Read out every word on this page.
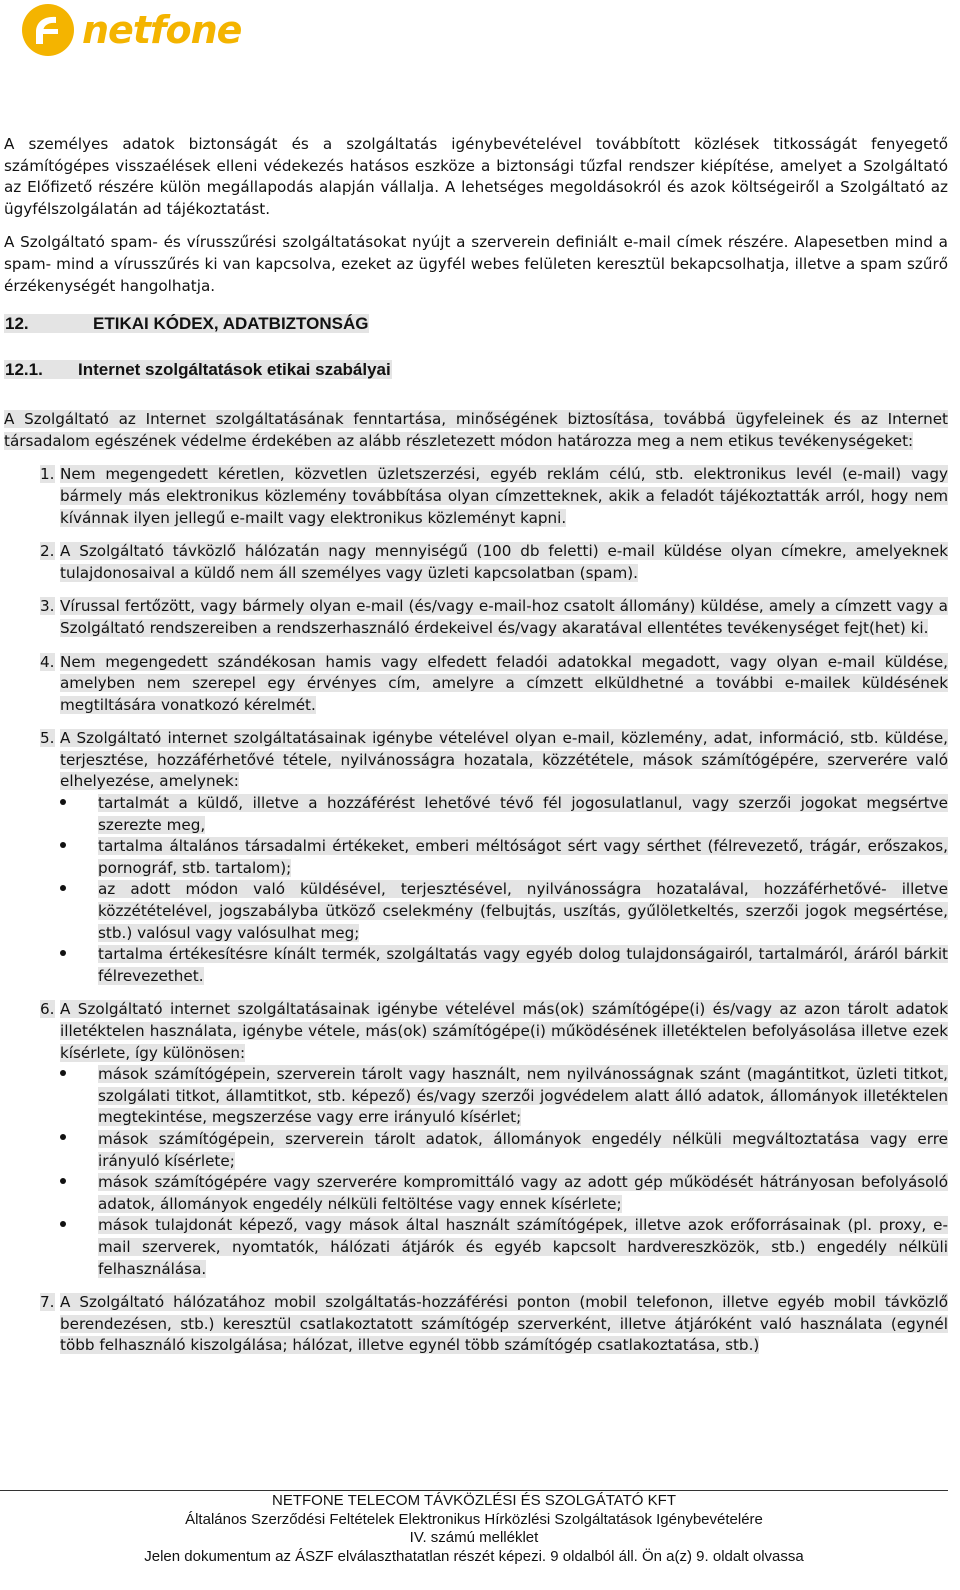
netfone

A személyes adatok biztonságát és a szolgáltatás igénybevételével továbbított közlések titkosságát fenyegető számítógépes visszaélések elleni védekezés hatásos eszköze a biztonsági tűzfal rendszer kiépítése, amelyet a Szolgáltató az Előfizető részére külön megállapodás alapján vállalja. A lehetséges megoldásokról és azok költségeiről a Szolgáltató az ügyfélszolgálatán ad tájékoztatást.

A Szolgáltató spam- és vírusszűrési szolgáltatásokat nyújt a szerverein definiált e-mail címek részére. Alapesetben mind a spam- mind a vírusszűrés ki van kapcsolva, ezeket az ügyfél webes felületen keresztül bekapcsolhatja, illetve a spam szűrő érzékenységét hangolhatja.

12.	ETIKAI KÓDEX, ADATBIZTONSÁG
12.1. Internet szolgáltatások etikai szabályai

A Szolgáltató az Internet szolgáltatásának fenntartása, minőségének biztosítása, továbbá ügyfeleinek és az Internet társadalom egészének védelme érdekében az alább részletezett módon határozza meg a nem etikus tevékenységeket:

1. Nem megengedett kéretlen, közvetlen üzletszerzési, egyéb reklám célú, stb. elektronikus levél (e-mail) vagy bármely más elektronikus közlemény továbbítása olyan címzetteknek, akik a feladót tájékoztatták arról, hogy nem kívánnak ilyen jellegű e-mailt vagy elektronikus közleményt kapni.
2. A Szolgáltató távközlő hálózatán nagy mennyiségű (100 db feletti) e-mail küldése olyan címekre, amelyeknek tulajdonosaival a küldő nem áll személyes vagy üzleti kapcsolatban (spam).
3. Vírussal fertőzött, vagy bármely olyan e-mail (és/vagy e-mail-hoz csatolt állomány) küldése, amely a címzett vagy a Szolgáltató rendszereiben a rendszerhasználó érdekeivel és/vagy akaratával ellentétes tevékenységet fejt(het) ki.
4. Nem megengedett szándékosan hamis vagy elfedett feladói adatokkal megadott, vagy olyan e-mail küldése, amelyben nem szerepel egy érvényes cím, amelyre a címzett elküldhetné a további e-mailek küldésének megtiltására vonatkozó kérelmét.
5. A Szolgáltató internet szolgáltatásainak igénybe vételével olyan e-mail, közlemény, adat, információ, stb. küldése, terjesztése, hozzáférhetővé tétele, nyilvánosságra hozatala, közzététele, mások számítógépére, szerverére való elhelyezése, amelynek:
tartalmát a küldő, illetve a hozzáférést lehetővé tévő fél jogosulatlanul, vagy szerzői jogokat megsértve szerezte meg,
tartalma általános társadalmi értékeket, emberi méltóságot sért vagy sérthet (félrevezető, trágár, erőszakos, pornográf, stb. tartalom);
az adott módon való küldésével, terjesztésével, nyilvánosságra hozatalával, hozzáférhetővé- illetve közzétételével, jogszabályba ütköző cselekmény (felbujtás, uszítás, gyűlöletkeltés, szerzői jogok megsértése, stb.) valósul vagy valósulhat meg;
tartalma értékesítésre kínált termék, szolgáltatás vagy egyéb dolog tulajdonságairól, tartalmáról, áráról bárkit félrevezethet.
6. A Szolgáltató internet szolgáltatásainak igénybe vételével más(ok) számítógépe(i) és/vagy az azon tárolt adatok illetéktelen használata, igénybe vétele, más(ok) számítógépe(i) működésének illetéktelen befolyásolása illetve ezek kísérlete, így különösen:
mások számítógépein, szerverein tárolt vagy használt, nem nyilvánosságnak szánt (magántitkot, üzleti titkot, szolgálati titkot, államtitkot, stb. képező) és/vagy szerzői jogvédelem alatt álló adatok, állományok illetéktelen megtekintése, megszerzése vagy erre irányuló kísérlet;
mások számítógépein, szerverein tárolt adatok, állományok engedély nélküli megváltoztatása vagy erre irányuló kísérlete;
mások számítógépére vagy szerverére kompromittáló vagy az adott gép működését hátrányosan befolyásoló adatok, állományok engedély nélküli feltöltése vagy ennek kísérlete;
mások tulajdonát képező, vagy mások által használt számítógépek, illetve azok erőforrásainak (pl. proxy, e-mail szerverek, nyomtatók, hálózati átjárók és egyéb kapcsolt hardvereszközök, stb.) engedély nélküli felhasználása.
7. A Szolgáltató hálózatához mobil szolgáltatás-hozzáférési ponton (mobil telefonon, illetve egyéb mobil távközlő berendezésen, stb.) keresztül csatlakoztatott számítógép szerverként, illetve átjáróként való használata (egynél több felhasználó kiszolgálása; hálózat, illetve egynél több számítógép csatlakoztatása, stb.)
NETFONE TELECOM TÁVKÖZLÉSI ÉS SZOLGÁTATÓ KFT
Általános Szerződési Feltételek Elektronikus Hírközlési Szolgáltatások Igénybevételére
IV. számú melléklet
Jelen dokumentum az ÁSZF elválaszthatatlan részét képezi. 9 oldalból áll. Ön a(z) 9. oldalt olvassa
